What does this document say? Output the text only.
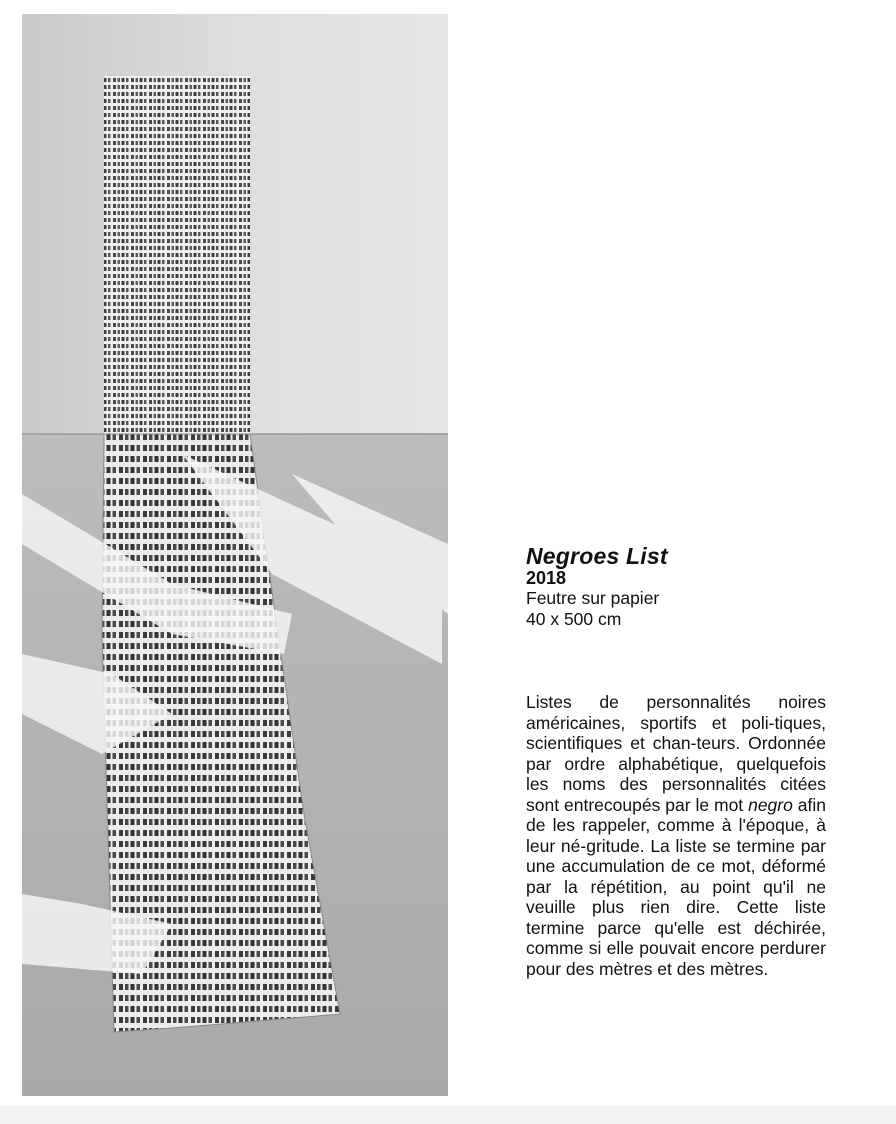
Negroes List
2018
Feutre sur papier
40 x 500 cm
Listes de personnalités noires américaines, sportifs et poli-tiques, scientifiques et chan-teurs. Ordonnée par ordre alphabétique, quelquefois les noms des personnalités citées sont entrecoupés par le mot negro afin de les rappeler, comme à l'époque, à leur né-gritude. La liste se termine par une accumulation de ce mot, déformé par la répétition, au point qu'il ne veuille plus rien dire. Cette liste termine parce qu'elle est déchirée, comme si elle pouvait encore perdurer pour des mètres et des mètres.
